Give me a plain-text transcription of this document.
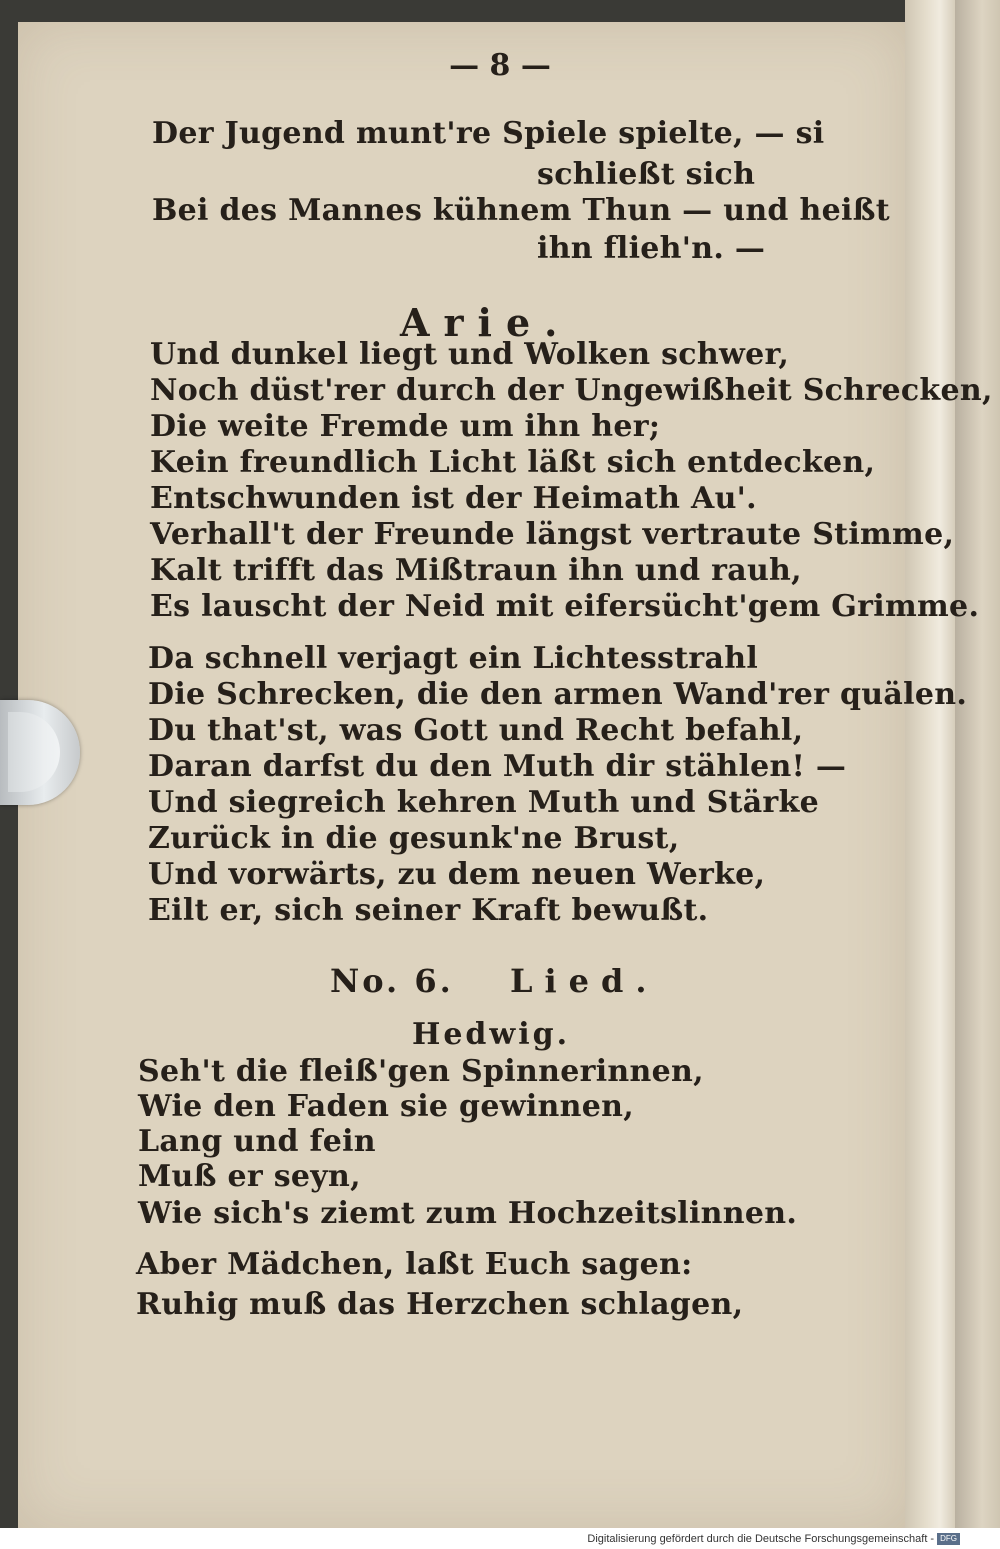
— 8 —
Der Jugend munt're Spiele spielte, — si
schließt sich
Bei des Mannes kühnem Thun — und heißt
ihn flieh'n. —
Arie.
Und dunkel liegt und Wolken schwer,
Noch düst'rer durch der Ungewißheit Schrecken,
Die weite Fremde um ihn her;
Kein freundlich Licht läßt sich entdecken,
Entschwunden ist der Heimath Au'.
Verhall't der Freunde längst vertraute Stimme,
Kalt trifft das Mißtraun ihn und rauh,
Es lauscht der Neid mit eifersücht'gem Grimme.
Da schnell verjagt ein Lichtesstrahl
Die Schrecken, die den armen Wand'rer quälen.
Du that'st, was Gott und Recht befahl,
Daran darfst du den Muth dir stählen! —
Und siegreich kehren Muth und Stärke
Zurück in die gesunk'ne Brust,
Und vorwärts, zu dem neuen Werke,
Eilt er, sich seiner Kraft bewußt.
No. 6. Lied.
Hedwig.
Seh't die fleiß'gen Spinnerinnen,
Wie den Faden sie gewinnen,
Lang und fein
Muß er seyn,
Wie sich's ziemt zum Hochzeitslinnen.
Aber Mädchen, laßt Euch sagen:
Ruhig muß das Herzchen schlagen,
Digitalisierung gefördert durch die Deutsche Forschungsgemeinschaft - DFG
